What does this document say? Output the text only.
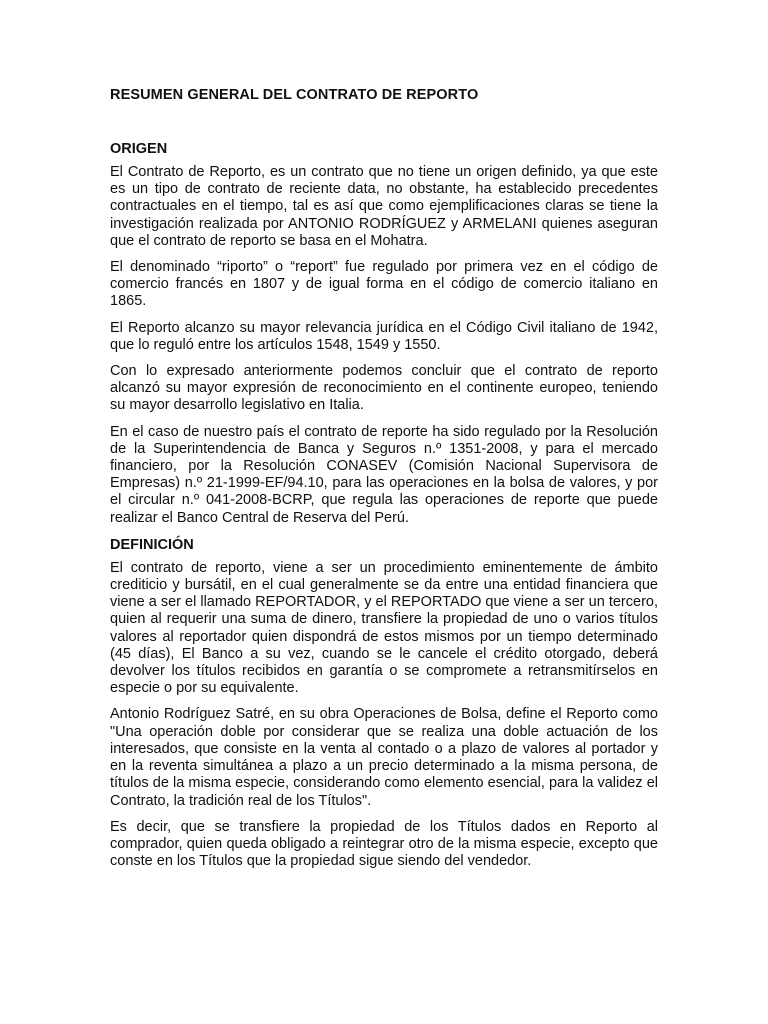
RESUMEN GENERAL DEL CONTRATO DE REPORTO
ORIGEN

El Contrato de Reporto, es un contrato que no tiene un origen definido, ya que este es un tipo de contrato de reciente data, no obstante, ha establecido precedentes contractuales en el tiempo, tal es así que como ejemplificaciones claras se tiene la investigación realizada por ANTONIO RODRÍGUEZ y ARMELANI quienes aseguran que el contrato de reporto se basa en el Mohatra.

El denominado “riporto” o “report” fue regulado por primera vez en el código de comercio francés en 1807 y de igual forma en el código de comercio italiano en 1865.

El Reporto alcanzo su mayor relevancia jurídica en el Código Civil italiano de 1942, que lo reguló entre los artículos 1548, 1549 y 1550.

Con lo expresado anteriormente podemos concluir que el contrato de reporto alcanzó su mayor expresión de reconocimiento en el continente europeo, teniendo su mayor desarrollo legislativo en Italia.

En el caso de nuestro país el contrato de reporte ha sido regulado por la Resolución de la Superintendencia de Banca y Seguros n.º 1351-2008, y para el mercado financiero, por la Resolución CONASEV (Comisión Nacional Supervisora de Empresas) n.º 21-1999-EF/94.10, para las operaciones en la bolsa de valores, y por el circular n.º 041-2008-BCRP, que regula las operaciones de reporte que puede realizar el Banco Central de Reserva del Perú.

DEFINICIÓN

El contrato de reporto, viene a ser un procedimiento eminentemente de ámbito crediticio y bursátil, en el cual generalmente se da entre una entidad financiera que viene a ser el llamado REPORTADOR, y el REPORTADO que viene a ser un tercero, quien al requerir una suma de dinero, transfiere la propiedad de uno o varios títulos valores al reportador quien dispondrá de estos mismos por un tiempo determinado (45 días), El Banco a su vez, cuando se le cancele el crédito otorgado, deberá devolver los títulos recibidos en garantía o se compromete a retransmitírselos en especie o por su equivalente.

Antonio Rodríguez Satré, en su obra Operaciones de Bolsa, define el Reporto como "Una operación doble por considerar que se realiza una doble actuación de los interesados, que consiste en la venta al contado o a plazo de valores al portador y en la reventa simultánea a plazo a un precio determinado a la misma persona, de títulos de la misma especie, considerando como elemento esencial, para la validez el Contrato, la tradición real de los Títulos".

Es decir, que se transfiere la propiedad de los Títulos dados en Reporto al comprador, quien queda obligado a reintegrar otro de la misma especie, excepto que conste en los Títulos que la propiedad sigue siendo del vendedor.
